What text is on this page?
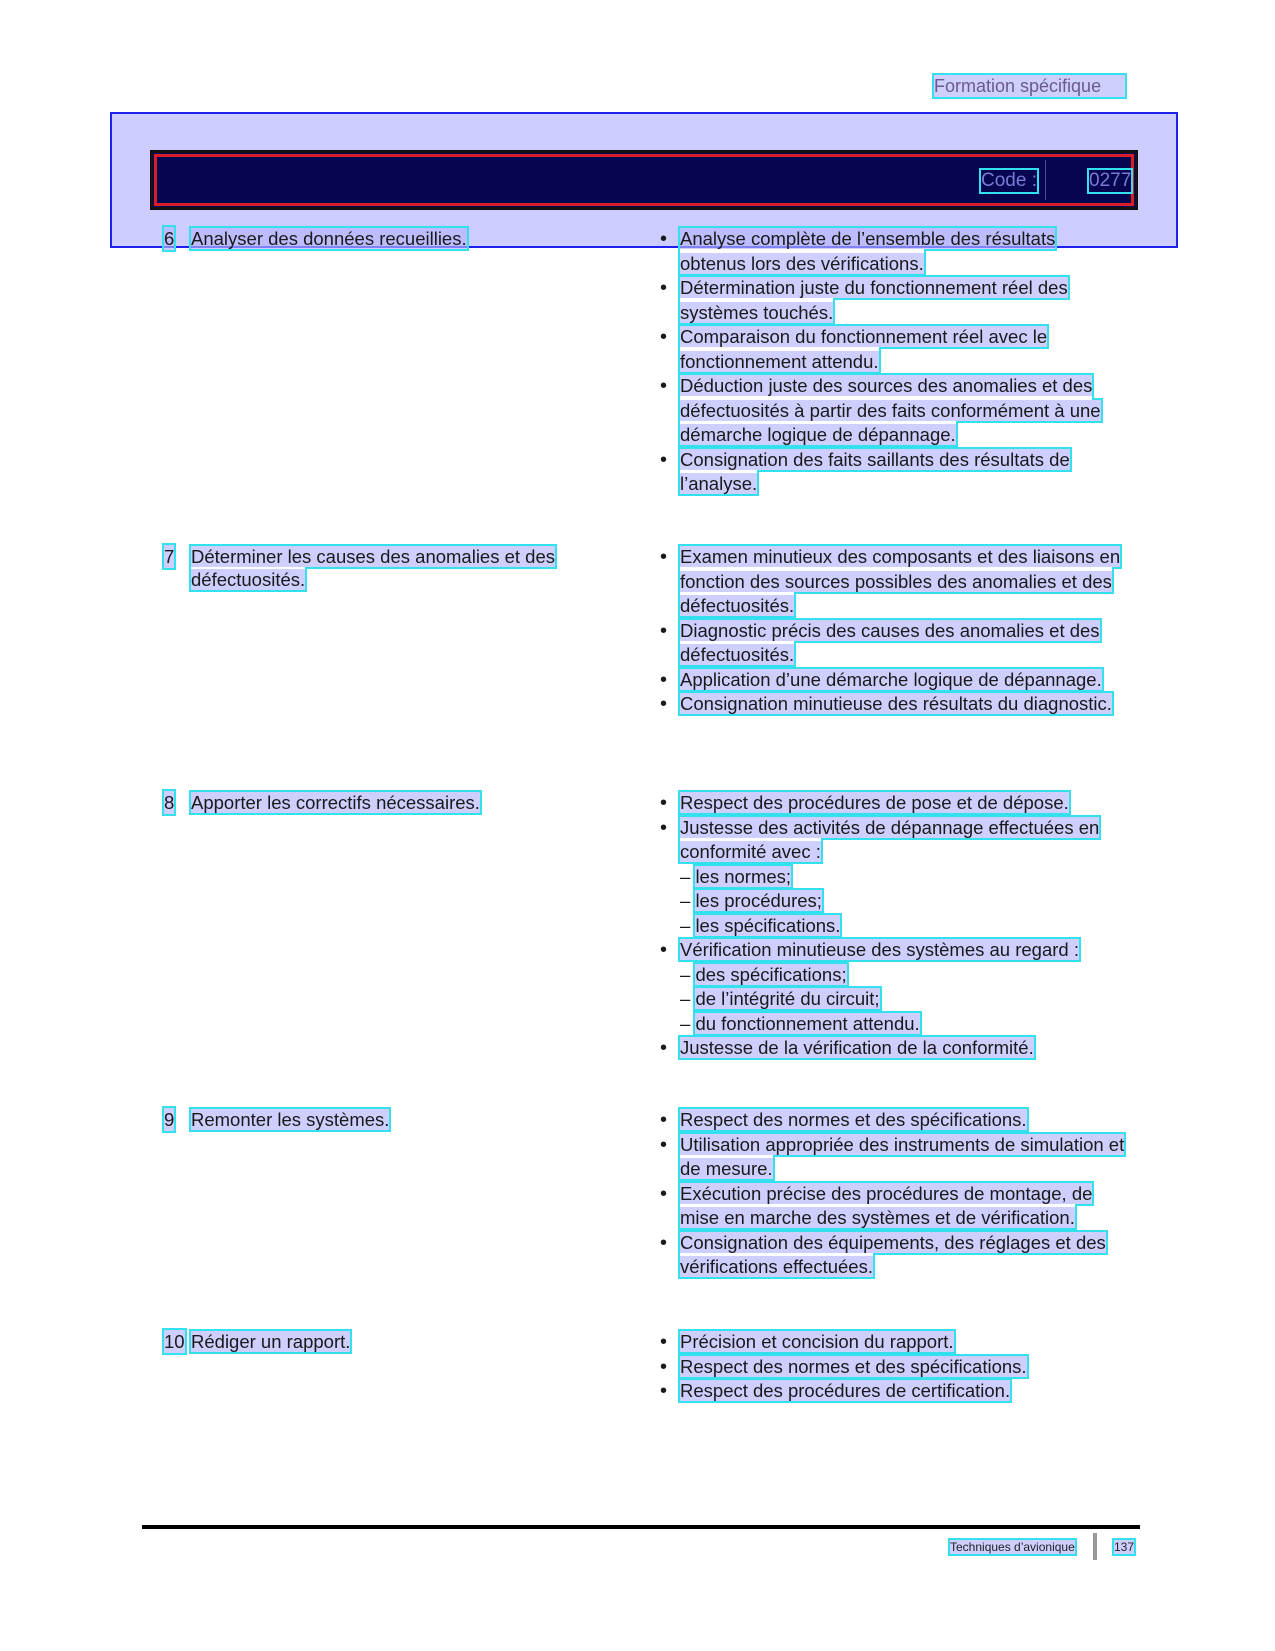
Formation spécifique
Code :	0277
6 Analyser des données recueillies. •	Analyse complète de l’ensemble des résultats obtenus lors des vérifications.
•
Détermination juste du fonctionnement réel des systèmes touchés.
•
Comparaison du fonctionnement réel avec le fonctionnement attendu.
•
Déduction juste des sources des anomalies et des défectuosités à partir des faits conformément à une démarche logique de dépannage.
•
Consignation des faits saillants des résultats de l’analyse.
7 Déterminer les causes des anomalies et des défectuosités.
•
Examen minutieux des composants et des liaisons en fonction des sources possibles des anomalies et des défectuosités.
•
Diagnostic précis des causes des anomalies et des défectuosités.
•
Application d’une démarche logique de dépannage.
•
Consignation minutieuse des résultats du diagnostic.
8 Apporter les correctifs nécessaires. •	Respect des procédures de pose et de dépose.
•
Justesse des activités de dépannage effectuées en conformité avec :
– les normes;
– les procédures;
– les spécifications.
•
Vérification minutieuse des systèmes au regard :
– des spécifications;
– de l’intégrité du circuit;
– du fonctionnement attendu.
•
Justesse de la vérification de la conformité.
9 Remonter les systèmes. •	Respect des normes et des spécifications.
•
Utilisation appropriée des instruments de simulation et de mesure.
•
Exécution précise des procédures de montage, de mise en marche des systèmes et de vérification.
•
Consignation des équipements, des réglages et des vérifications effectuées.
10 Rédiger un rapport. •	Précision et concision du rapport.
•
Respect des normes et des spécifications.
•
Respect des procédures de certification.
Techniques d’avionique	137
